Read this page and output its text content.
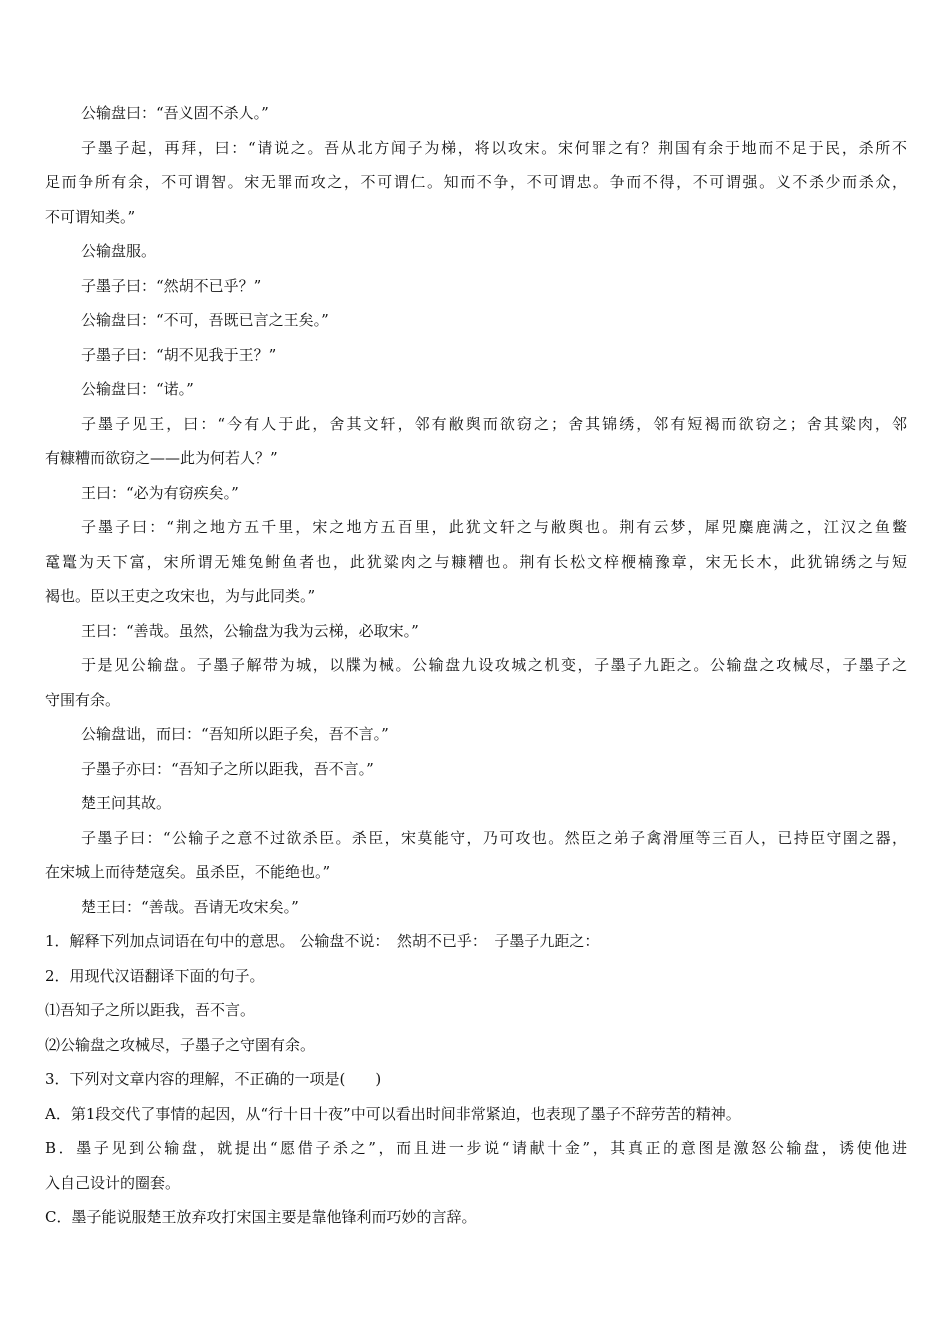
公输盘曰：“吾义固不杀人。”
子墨子起，再拜，曰：“请说之。吾从北方闻子为梯，将以攻宋。宋何罪之有？荆国有余于地而不足于民，杀所不
足而争所有余，不可谓智。宋无罪而攻之，不可谓仁。知而不争，不可谓忠。争而不得，不可谓强。义不杀少而杀众，
不可谓知类。”
公输盘服。
子墨子曰：“然胡不已乎？”
公输盘曰：“不可，吾既已言之王矣。”
子墨子曰：“胡不见我于王？”
公输盘曰：“诺。”
子墨子见王，曰：“今有人于此，舍其文轩，邻有敝舆而欲窃之；舍其锦绣，邻有短褐而欲窃之；舍其粱肉，邻
有糠糟而欲窃之——此为何若人？”
王曰：“必为有窃疾矣。”
子墨子曰：“荆之地方五千里，宋之地方五百里，此犹文轩之与敝舆也。荆有云梦，犀兕麋鹿满之，江汉之鱼鳖
鼋鼍为天下富，宋所谓无雉兔鲋鱼者也，此犹粱肉之与糠糟也。荆有长松文梓楩楠豫章，宋无长木，此犹锦绣之与短
褐也。臣以王吏之攻宋也，为与此同类。”
王曰：“善哉。虽然，公输盘为我为云梯，必取宋。”
于是见公输盘。子墨子解带为城，以牒为械。公输盘九设攻城之机变，子墨子九距之。公输盘之攻械尽，子墨子之
守围有余。
公输盘诎，而曰：“吾知所以距子矣，吾不言。”
子墨子亦曰：“吾知子之所以距我，吾不言。”
楚王问其故。
子墨子曰：“公输子之意不过欲杀臣。杀臣，宋莫能守，乃可攻也。然臣之弟子禽滑厘等三百人，已持臣守圉之器，
在宋城上而待楚寇矣。虽杀臣，不能绝也。”
楚王曰：“善哉。吾请无攻宋矣。”
1．解释下列加点词语在句中的意思。 公输盘不说：　然胡不已乎：　子墨子九距之：
2．用现代汉语翻译下面的句子。
⑴吾知子之所以距我，吾不言。
⑵公输盘之攻械尽，子墨子之守圉有余。
3．下列对文章内容的理解，不正确的一项是(　　)
A．第1段交代了事情的起因，从“行十日十夜”中可以看出时间非常紧迫，也表现了墨子不辞劳苦的精神。
B．墨子见到公输盘，就提出“愿借子杀之”，而且进一步说“请献十金”，其真正的意图是激怒公输盘，诱使他进
入自己设计的圈套。
C．墨子能说服楚王放弃攻打宋国主要是靠他锋利而巧妙的言辞。
